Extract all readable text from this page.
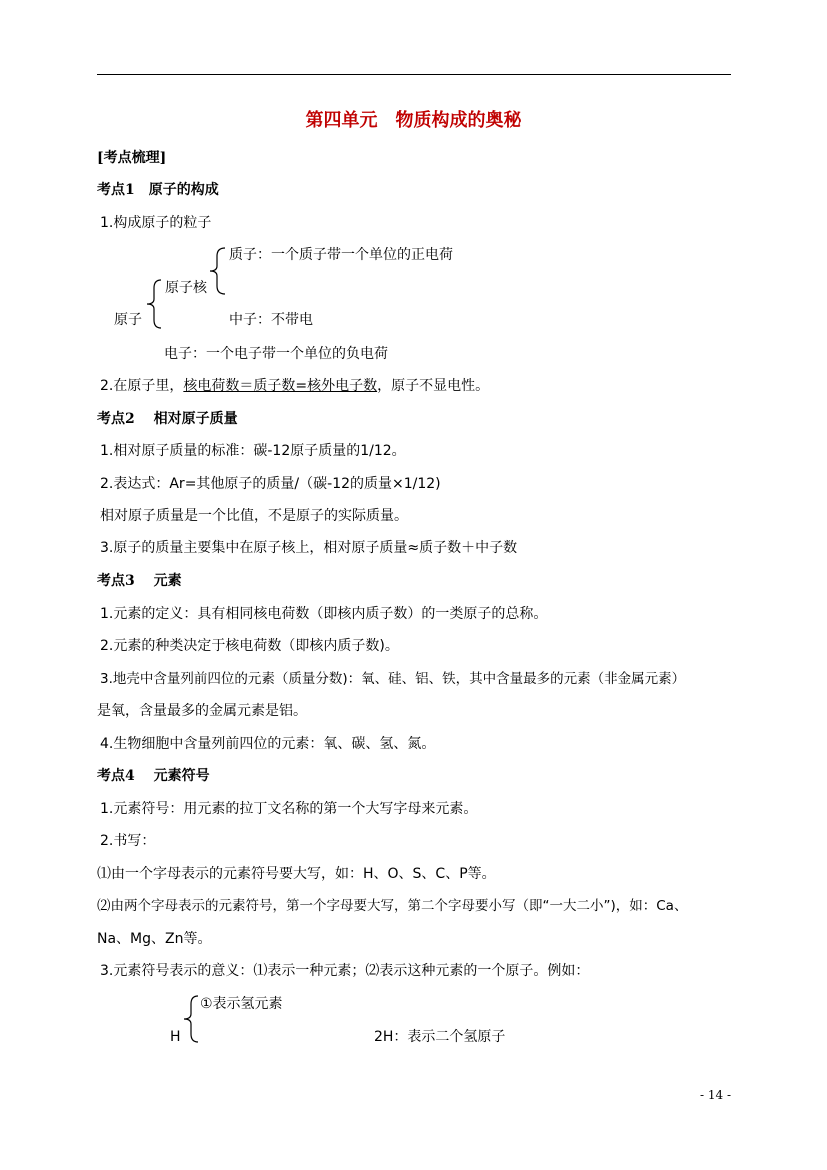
第四单元　物质构成的奥秘
[考点梳理]
考点1　原子的构成
1.构成原子的粒子
质子：一个质子带一个单位的正电荷
原子核
原子	中子：不带电
电子：一个电子带一个单位的负电荷
2.在原子里，核电荷数＝质子数=核外电子数，原子不显电性。
考点2　 相对原子质量
1.相对原子质量的标准：碳-12原子质量的1/12。
2.表达式：Ar=其他原子的质量/（碳-12的质量×1/12)
相对原子质量是一个比值，不是原子的实际质量。
3.原子的质量主要集中在原子核上，相对原子质量≈质子数＋中子数
考点3　 元素
1.元素的定义：具有相同核电荷数（即核内质子数）的一类原子的总称。
2.元素的种类决定于核电荷数（即核内质子数)。
3.地壳中含量列前四位的元素（质量分数)：氧、硅、铝、铁，其中含量最多的元素（非金属元素）
是氧，含量最多的金属元素是铝。
4.生物细胞中含量列前四位的元素：氧、碳、氢、氮。
考点4　 元素符号
1.元素符号：用元素的拉丁文名称的第一个大写字母来元素。
2.书写：
⑴由一个字母表示的元素符号要大写，如：H、O、S、C、P等。
⑵由两个字母表示的元素符号，第一个字母要大写，第二个字母要小写（即“一大二小”)，如：Ca、
Na、Mg、Zn等。
3.元素符号表示的意义：⑴表示一种元素；⑵表示这种元素的一个原子。例如：
①表示氢元素
H	2H：表示二个氢原子
- 14 -
